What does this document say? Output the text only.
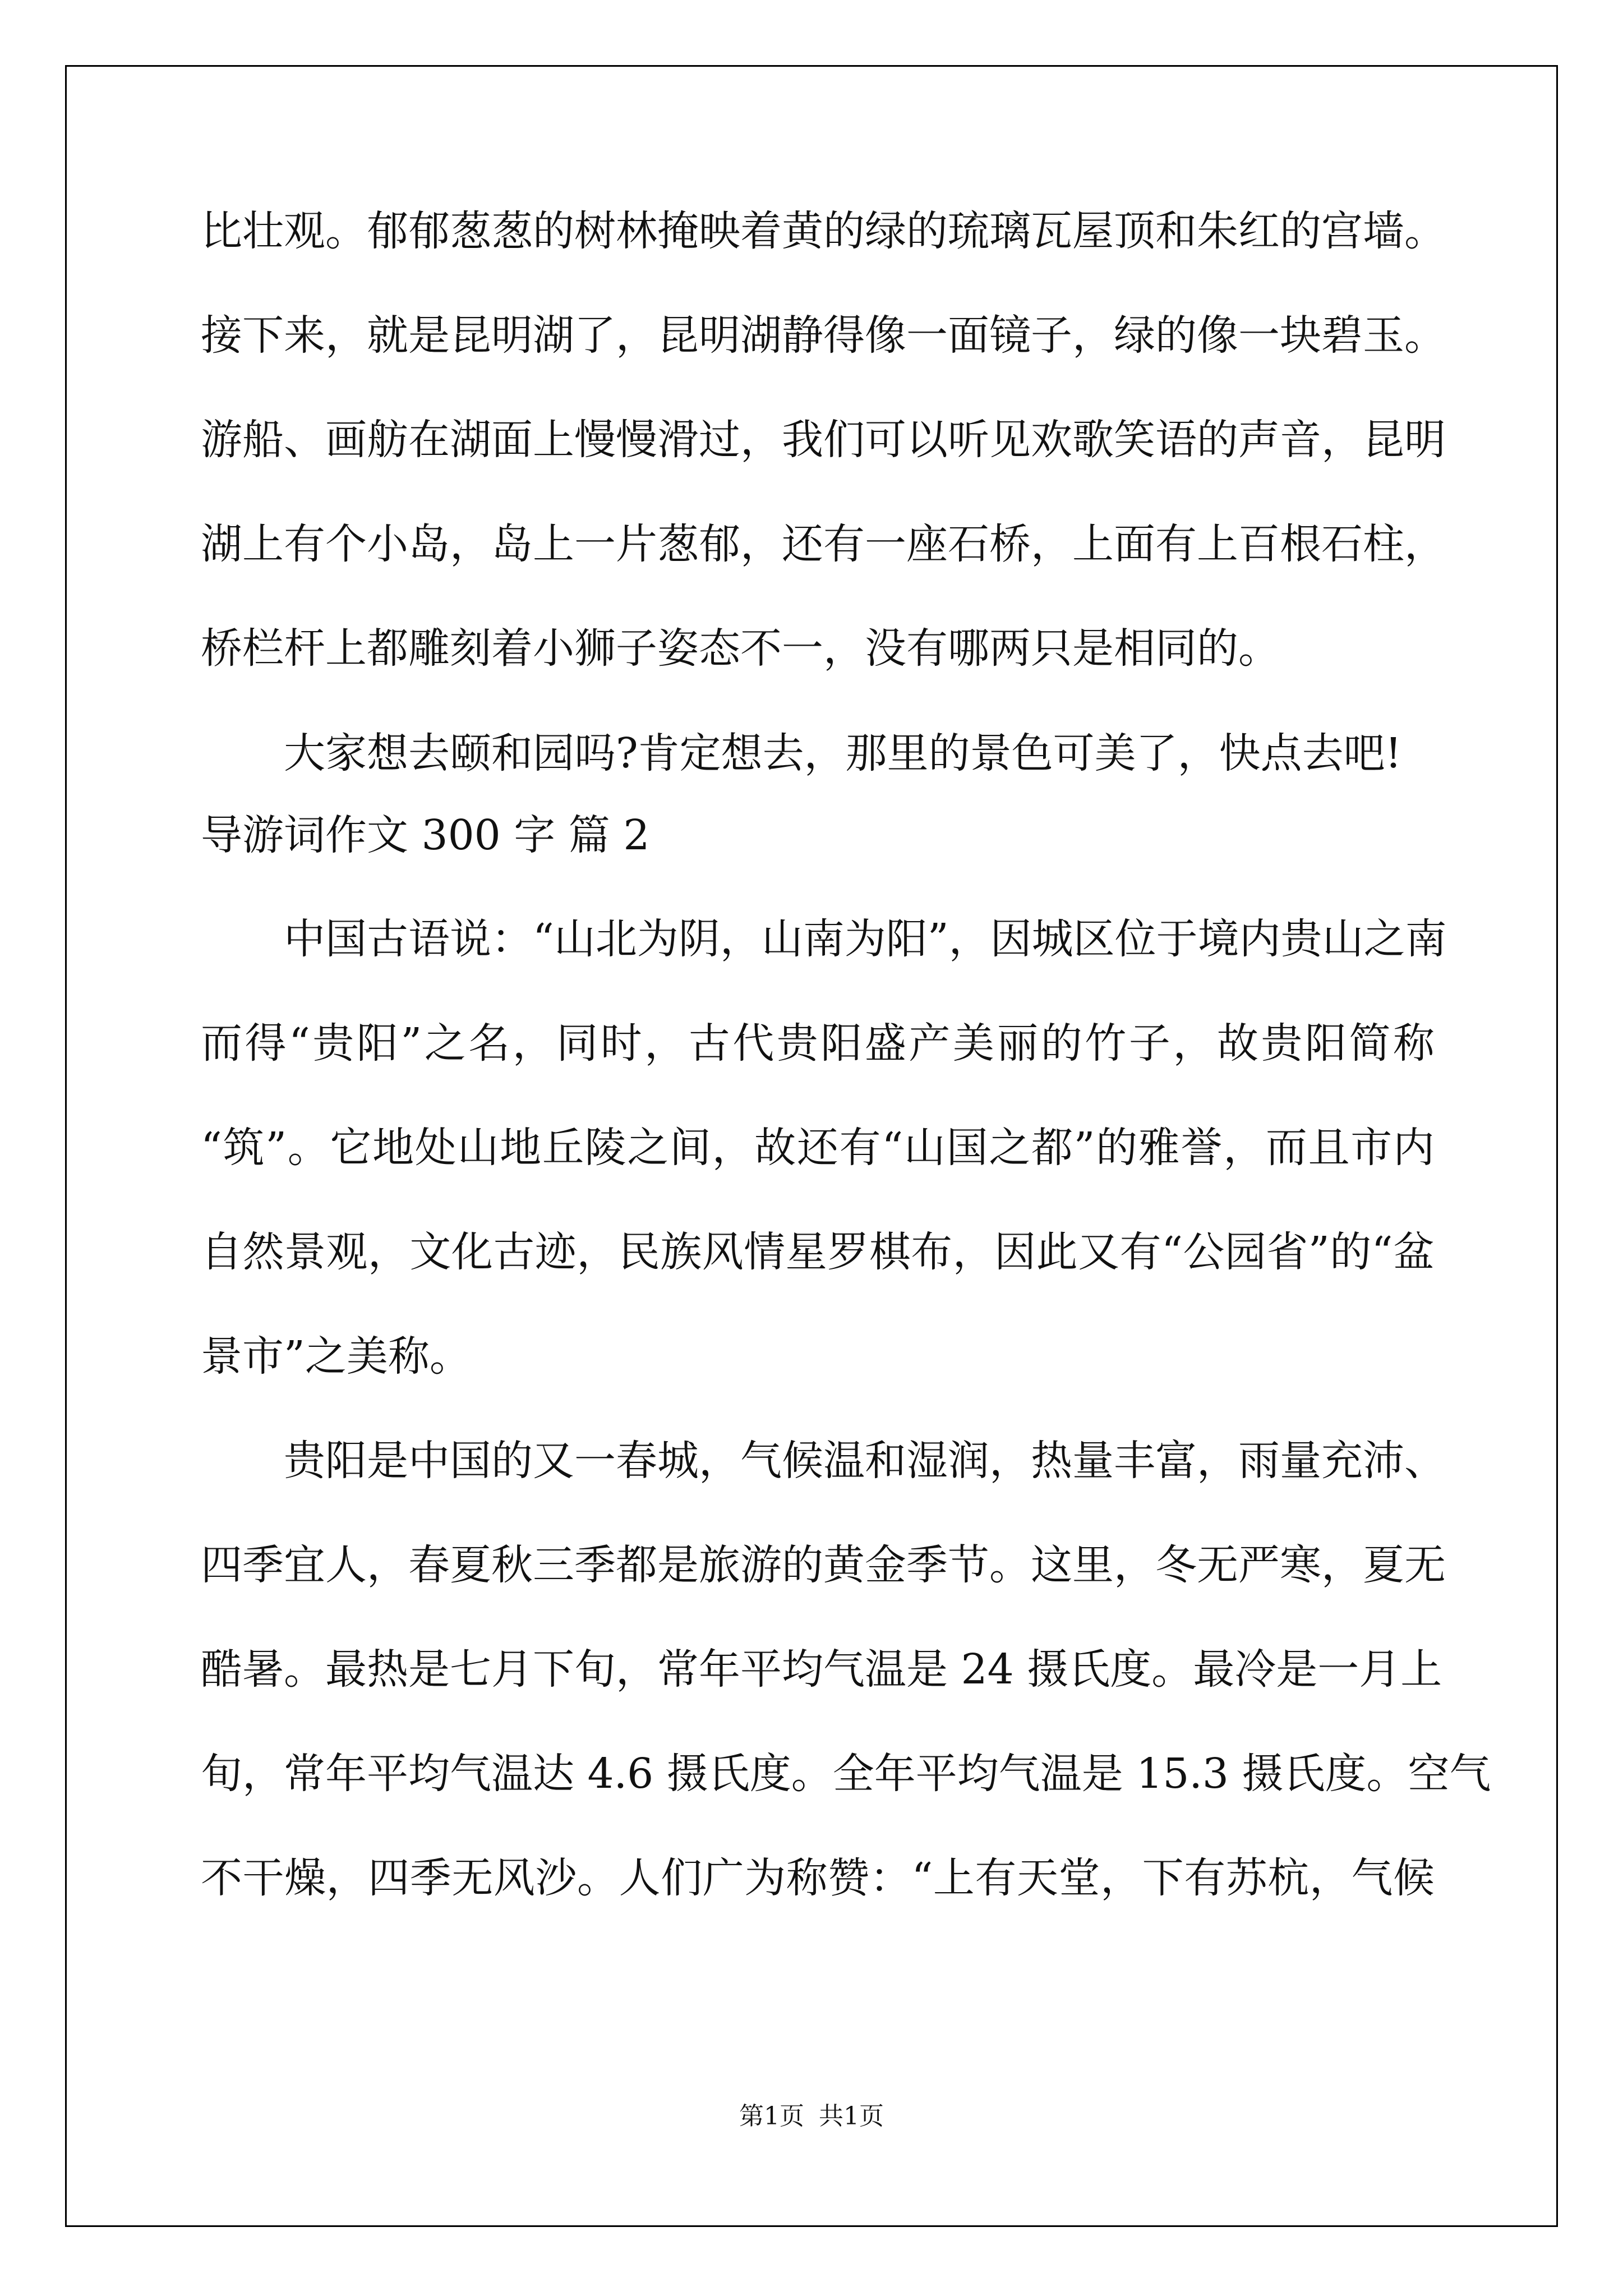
比壮观。郁郁葱葱的树林掩映着黄的绿的琉璃瓦屋顶和朱红的宫墙。
接下来，就是昆明湖了，昆明湖静得像一面镜子，绿的像一块碧玉。
游船、画舫在湖面上慢慢滑过，我们可以听见欢歌笑语的声音，昆明
湖上有个小岛，岛上一片葱郁，还有一座石桥，上面有上百根石柱，
桥栏杆上都雕刻着小狮子姿态不一，没有哪两只是相同的。
大家想去颐和园吗?肯定想去，那里的景色可美了，快点去吧!
导游词作文 300 字 篇 2
中国古语说：“山北为阴，山南为阳”，因城区位于境内贵山之南
而得“贵阳”之名，同时，古代贵阳盛产美丽的竹子，故贵阳简称
“筑”。它地处山地丘陵之间，故还有“山国之都”的雅誉，而且市内
自然景观，文化古迹，民族风情星罗棋布，因此又有“公园省”的“盆
景市”之美称。
贵阳是中国的又一春城，气候温和湿润，热量丰富，雨量充沛、
四季宜人，春夏秋三季都是旅游的黄金季节。这里，冬无严寒，夏无
酷暑。最热是七月下旬，常年平均气温是 24 摄氏度。最冷是一月上
旬，常年平均气温达 4.6 摄氏度。全年平均气温是 15.3 摄氏度。空气
不干燥，四季无风沙。人们广为称赞：“上有天堂，下有苏杭，气候
第1页 共1页
